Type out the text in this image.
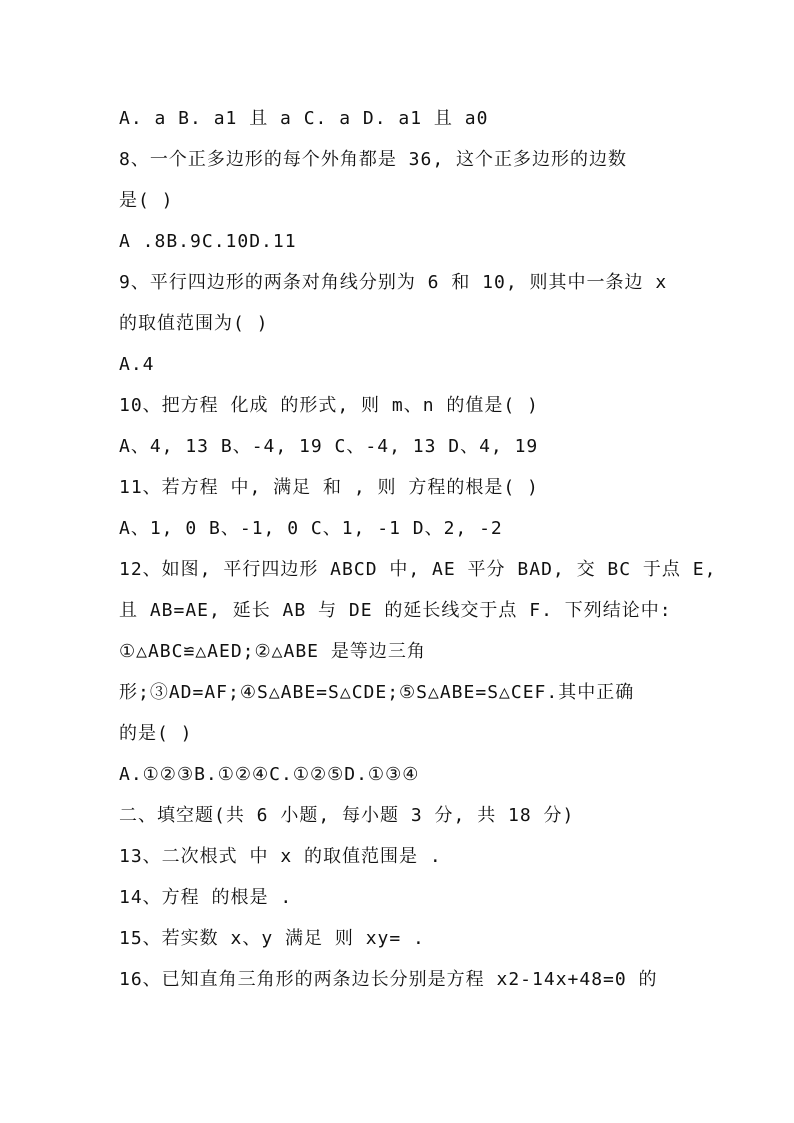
A. a B. a1 且 a C. a D. a1 且 a0
8、一个正多边形的每个外角都是 36, 这个正多边形的边数
是( )
A .8B.9C.10D.11
9、平行四边形的两条对角线分别为 6 和 10, 则其中一条边 x
的取值范围为( )
A.4
10、把方程 化成 的形式, 则 m、n 的值是( )
A、4, 13 B、-4, 19 C、-4, 13 D、4, 19
11、若方程 中, 满足 和 , 则 方程的根是( )
A、1, 0 B、-1, 0 C、1, -1 D、2, -2
12、如图, 平行四边形 ABCD 中, AE 平分 BAD, 交 BC 于点 E,
且 AB=AE, 延长 AB 与 DE 的延长线交于点 F. 下列结论中:
①△ABC≌△AED;②△ABE 是等边三角
形;③AD=AF;④S△ABE=S△CDE;⑤S△ABE=S△CEF.其中正确
的是( )
A.①②③B.①②④C.①②⑤D.①③④
二、填空题(共 6 小题, 每小题 3 分, 共 18 分)
13、二次根式 中 x 的取值范围是 .
14、方程 的根是 .
15、若实数 x、y 满足 则 xy= .
16、已知直角三角形的两条边长分别是方程 x2-14x+48=0 的
